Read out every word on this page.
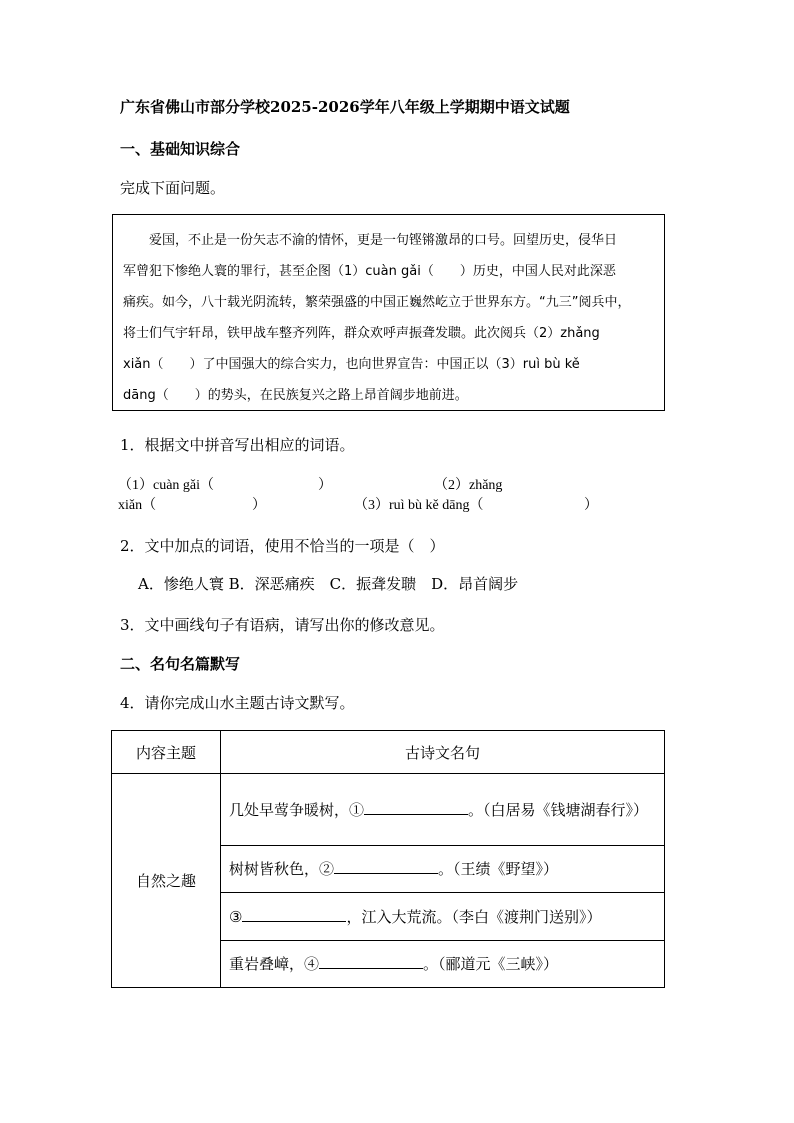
广东省佛山市部分学校2025-2026学年八年级上学期期中语文试题
一、基础知识综合
完成下面问题。
爱国，不止是一份矢志不渝的情怀，更是一句铿锵激昂的口号。回望历史，侵华日
军曾犯下惨绝人寰的罪行，甚至企图（1）cuàn gǎi（　　）历史，中国人民对此深恶
痛疾。如今，八十载光阴流转，繁荣强盛的中国正巍然屹立于世界东方。“九三”阅兵中，
将士们气宇轩昂，铁甲战车整齐列阵，群众欢呼声振聋发聩。此次阅兵（2）zhǎng
xiǎn（　　）了中国强大的综合实力，也向世界宣告：中国正以（3）ruì bù kě
dāng（　　）的势头，在民族复兴之路上昂首阔步地前进。
1．根据文中拼音写出相应的词语。
（1）cuàn gǎi（	）	（2）zhǎng
xiǎn（	）	（3）ruì bù kě dāng（	）
2．文中加点的词语，使用不恰当的一项是（　）
A．惨绝人寰 B．深恶痛疾　C．振聋发聩　D．昂首阔步
3．文中画线句子有语病，请写出你的修改意见。
二、名句名篇默写
4．请你完成山水主题古诗文默写。
内容主题	古诗文名句
自然之趣	几处早莺争暖树，① 。（白居易《钱塘湖春行》）
	树树皆秋色，② 。（王绩《野望》）
	③ ，江入大荒流。（李白《渡荆门送别》）
	重岩叠嶂，④ 。（郦道元《三峡》）
